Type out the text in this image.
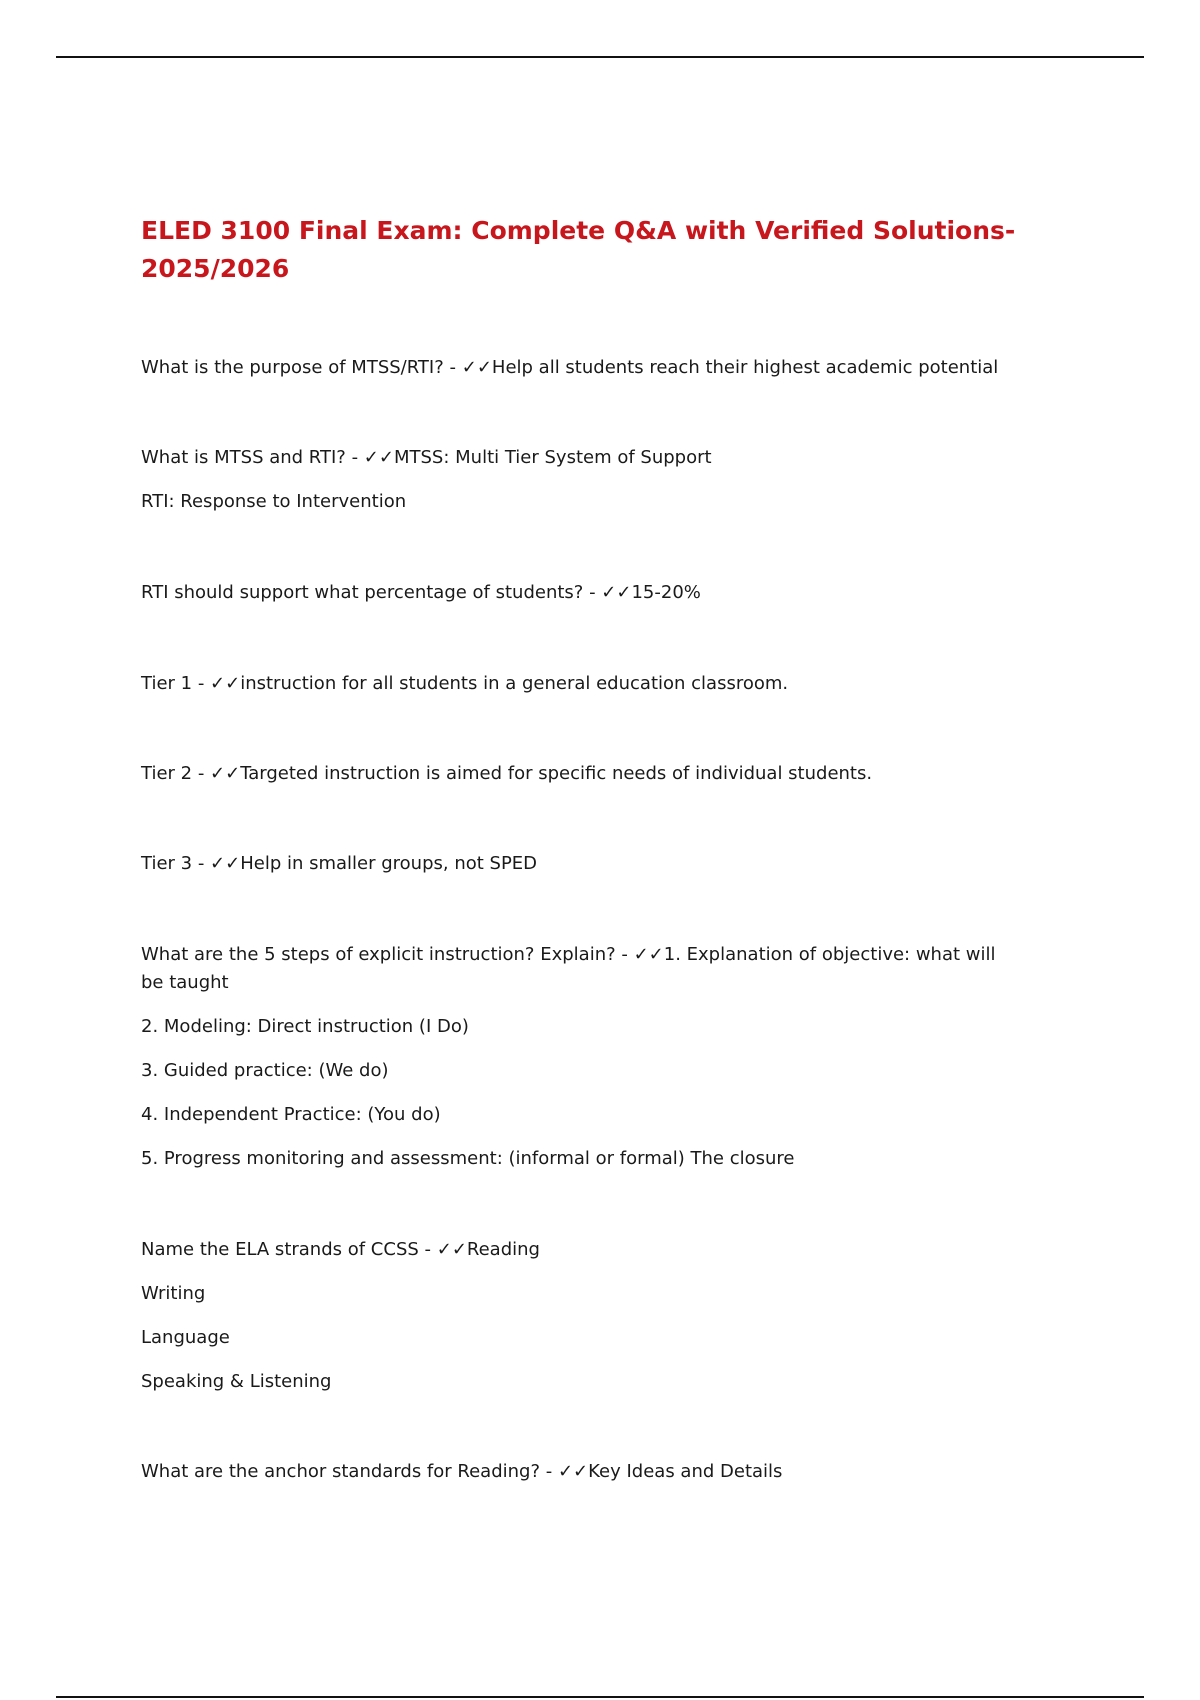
ELED 3100 Final Exam: Complete Q&A with Verified Solutions-2025/2026
What is the purpose of MTSS/RTI? - ✓✓Help all students reach their highest academic potential
What is MTSS and RTI? - ✓✓MTSS: Multi Tier System of Support
RTI: Response to Intervention
RTI should support what percentage of students? - ✓✓15-20%
Tier 1 - ✓✓instruction for all students in a general education classroom.
Tier 2 - ✓✓Targeted instruction is aimed for specific needs of individual students.
Tier 3 - ✓✓Help in smaller groups, not SPED
What are the 5 steps of explicit instruction? Explain? - ✓✓1. Explanation of objective: what will be taught
2. Modeling: Direct instruction (I Do)
3. Guided practice: (We do)
4. Independent Practice: (You do)
5. Progress monitoring and assessment: (informal or formal) The closure
Name the ELA strands of CCSS - ✓✓Reading
Writing
Language
Speaking & Listening
What are the anchor standards for Reading? - ✓✓Key Ideas and Details
